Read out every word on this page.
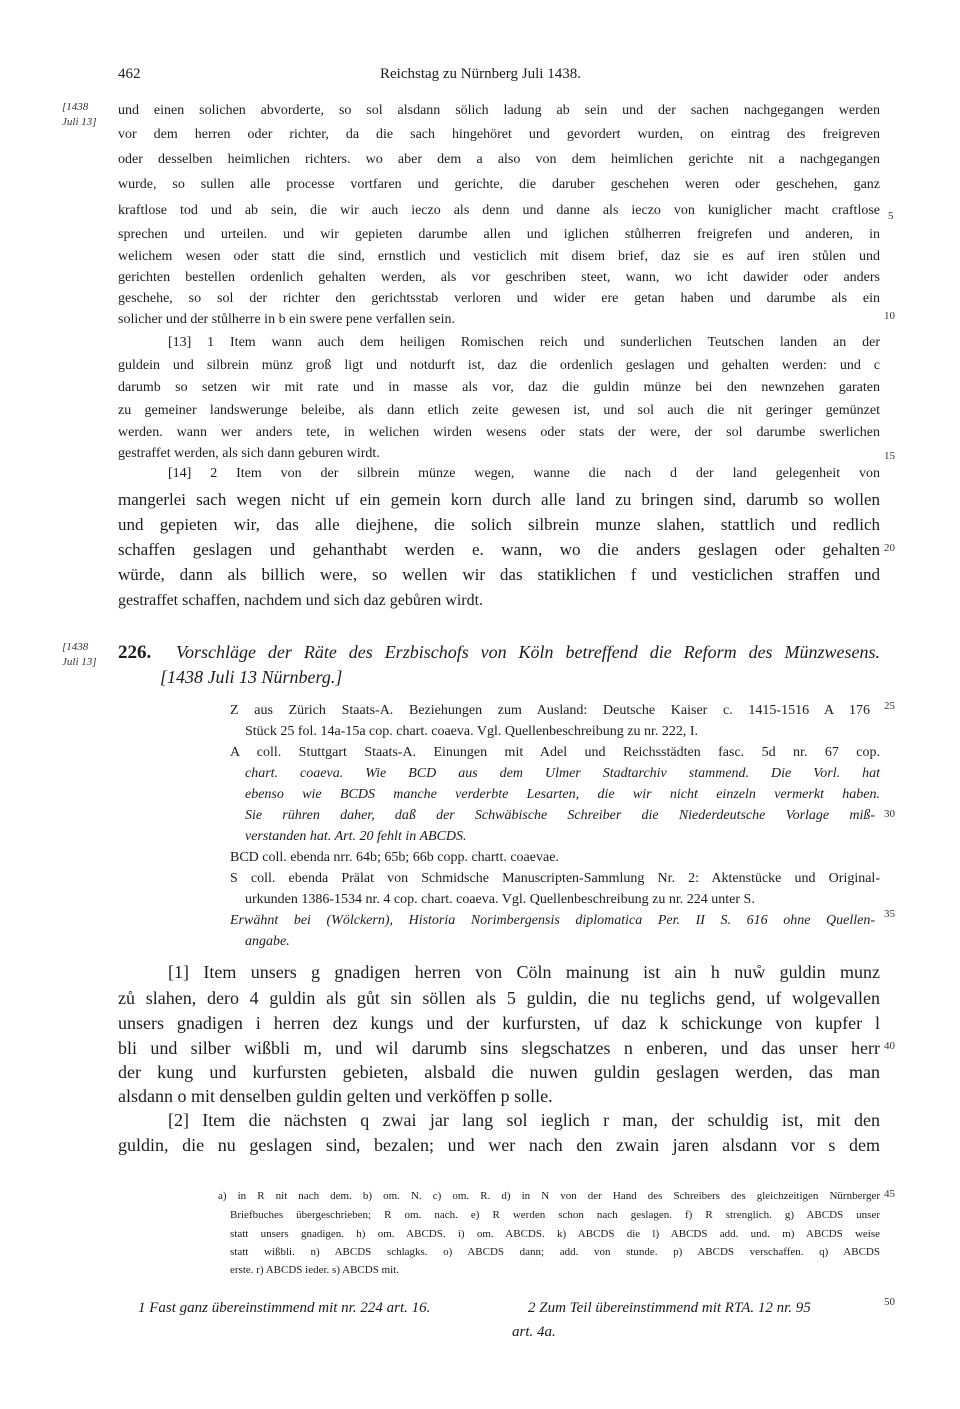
462	Reichstag zu Nürnberg Juli 1438.
[1438
Juli 13]
[1438
Juli 13]
5
10
15
20
25
30
35
40
45
50
und einen solichen abvorderte, so sol alsdann sölich ladung ab sein und der sachen nachgegangen werden
vor dem herren oder richter, da die sach hingehöret und gevordert wurden, on eintrag des freigreven
oder desselben heimlichen richters. wo aber dem a also von dem heimlichen gerichte nit a nachgegangen
wurde, so sullen alle processe vortfaren und gerichte, die daruber geschehen weren oder geschehen, ganz
kraftlose tod und ab sein, die wir auch ieczo als denn und danne als ieczo von kuniglicher macht craftlose
sprechen und urteilen. und wir gepieten darumbe allen und iglichen stůlherren freigrefen und anderen, in
welichem wesen oder statt die sind, ernstlich und vesticlich mit disem brief, daz sie es auf iren stůlen und
gerichten bestellen ordenlich gehalten werden, als vor geschriben steet, wann, wo icht dawider oder anders
geschehe, so sol der richter den gerichtsstab verloren und wider ere getan haben und darumbe als ein
solicher und der stůlherre in b ein swere pene verfallen sein.
[13] 1 Item wann auch dem heiligen Romischen reich und sunderlichen Teutschen landen an der
guldein und silbrein münz groß ligt und notdurft ist, daz die ordenlich geslagen und gehalten werden: und c
darumb so setzen wir mit rate und in masse als vor, daz die guldin münze bei den newnzehen garaten
zu gemeiner landswerunge beleibe, als dann etlich zeite gewesen ist, und sol auch die nit geringer gemünzet
werden. wann wer anders tete, in welichen wirden wesens oder stats der were, der sol darumbe swerlichen
gestraffet werden, als sich dann geburen wirdt.
[14] 2 Item von der silbrein münze wegen, wanne die nach d der land gelegenheit von
mangerlei sach wegen nicht uf ein gemein korn durch alle land zu bringen sind, darumb so wollen
und gepieten wir, das alle diejhene, die solich silbrein munze slahen, stattlich und redlich
schaffen geslagen und gehanthabt werden e. wann, wo die anders geslagen oder gehalten
würde, dann als billich were, so wellen wir das statiklichen f und vesticlichen straffen und
gestraffet schaffen, nachdem und sich daz gebůren wirdt.
226. Vorschläge der Räte des Erzbischofs von Köln betreffend die Reform des Münzwesens.
[1438 Juli 13 Nürnberg.]
Z aus Zürich Staats-A. Beziehungen zum Ausland: Deutsche Kaiser c. 1415-1516 A 176
Stück 25 fol. 14a-15a cop. chart. coaeva. Vgl. Quellenbeschreibung zu nr. 222, I.
A coll. Stuttgart Staats-A. Einungen mit Adel und Reichsstädten fasc. 5d nr. 67 cop.
chart. coaeva. Wie BCD aus dem Ulmer Stadtarchiv stammend. Die Vorl. hat
ebenso wie BCDS manche verderbte Lesarten, die wir nicht einzeln vermerkt haben.
Sie rühren daher, daß der Schwäbische Schreiber die Niederdeutsche Vorlage miß-
verstanden hat. Art. 20 fehlt in ABCDS.
BCD coll. ebenda nrr. 64b; 65b; 66b copp. chartt. coaevae.
S coll. ebenda Prälat von Schmidsche Manuscripten-Sammlung Nr. 2: Aktenstücke und Original-
urkunden 1386-1534 nr. 4 cop. chart. coaeva. Vgl. Quellenbeschreibung zu nr. 224 unter S.
Erwähnt bei (Wölckern), Historia Norimbergensis diplomatica Per. II S. 616 ohne Quellen-
angabe.
[1] Item unsers g gnadigen herren von Cöln mainung ist ain h nuẘ guldin munz
zů slahen, dero 4 guldin als gůt sin söllen als 5 guldin, die nu teglichs gend, uf wolgevallen
unsers gnadigen i herren dez kungs und der kurfursten, uf daz k schickunge von kupfer l
bli und silber wißbli m, und wil darumb sins slegschatzes n enberen, und das unser herr
der kung und kurfursten gebieten, alsbald die nuwen guldin geslagen werden, das man
alsdann o mit denselben guldin gelten und verköffen p solle.
[2] Item die nächsten q zwai jar lang sol ieglich r man, der schuldig ist, mit den
guldin, die nu geslagen sind, bezalen; und wer nach den zwain jaren alsdann vor s dem
a) in R nit nach dem. b) om. N. c) om. R. d) in N von der Hand des Schreibers des gleichzeitigen Nürnberger
Briefbuches übergeschrieben; R om. nach. e) R werden schon nach geslagen. f) R strenglich. g) ABCDS unser
statt unsers gnadigen. h) om. ABCDS. i) om. ABCDS. k) ABCDS die l) ABCDS add. und. m) ABCDS weise
statt wißbli. n) ABCDS schlagks. o) ABCDS dann; add. von stunde. p) ABCDS verschaffen. q) ABCDS
erste. r) ABCDS ieder. s) ABCDS mit.
1 Fast ganz übereinstimmend mit nr. 224 art. 16.	2 Zum Teil übereinstimmend mit RTA. 12 nr. 95
art. 4a.
